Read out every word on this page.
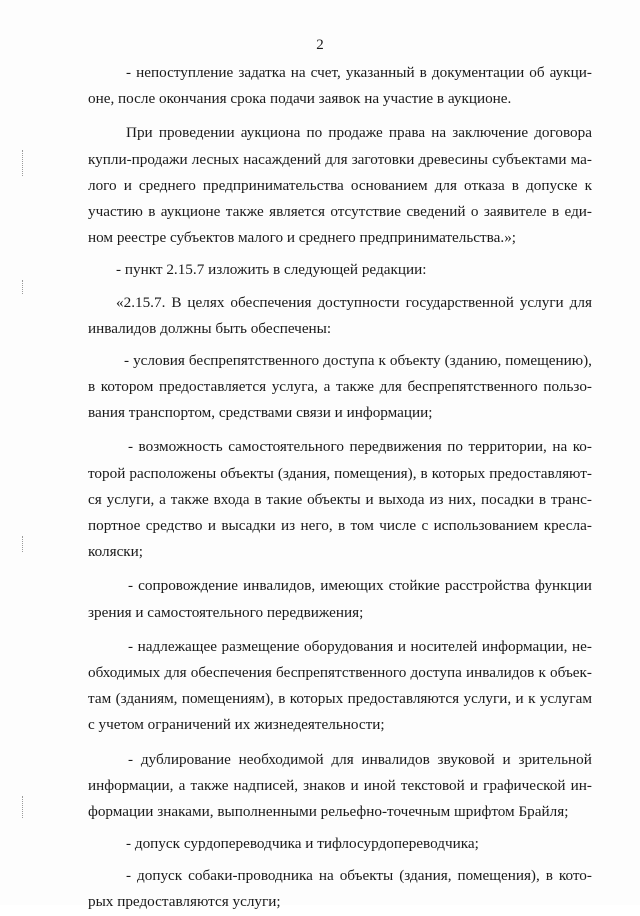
2
- непоступление задатка на счет, указанный в документации об аукци-
оне, после окончания срока подачи заявок на участие в аукционе.
При проведении аукциона по продаже права на заключение договора
купли-продажи лесных насаждений для заготовки древесины субъектами ма-
лого и среднего предпринимательства основанием для отказа в допуске к
участию в аукционе также является отсутствие сведений о заявителе в еди-
ном реестре субъектов малого и среднего предпринимательства.»;
- пункт 2.15.7 изложить в следующей редакции:
«2.15.7. В целях обеспечения доступности государственной услуги для
инвалидов должны быть обеспечены:
- условия беспрепятственного доступа к объекту (зданию, помещению),
в котором предоставляется услуга, а также для беспрепятственного пользо-
вания транспортом, средствами связи и информации;
- возможность самостоятельного передвижения по территории, на ко-
торой расположены объекты (здания, помещения), в которых предоставляют-
ся услуги, а также входа в такие объекты и выхода из них, посадки в транс-
портное средство и высадки из него, в том числе с использованием кресла-
коляски;
- сопровождение инвалидов, имеющих стойкие расстройства функции
зрения и самостоятельного передвижения;
- надлежащее размещение оборудования и носителей информации, не-
обходимых для обеспечения беспрепятственного доступа инвалидов к объек-
там (зданиям, помещениям), в которых предоставляются услуги, и к услугам
с учетом ограничений их жизнедеятельности;
- дублирование необходимой для инвалидов звуковой и зрительной
информации, а также надписей, знаков и иной текстовой и графической ин-
формации знаками, выполненными рельефно-точечным шрифтом Брайля;
- допуск сурдопереводчика и тифлосурдопереводчика;
- допуск собаки-проводника на объекты (здания, помещения), в кото-
рых предоставляются услуги;
